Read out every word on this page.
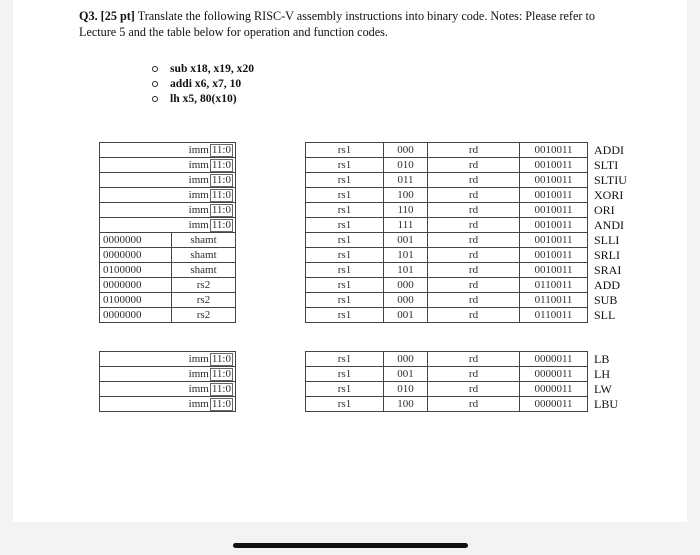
Q3. [25 pt] Translate the following RISC-V assembly instructions into binary code. Notes: Please refer to Lecture 5 and the table below for operation and function codes.
sub x18, x19, x20
addi x6, x7, 10
lh x5, 80(x10)
imm 11:0			rs1	000	rd	0010011	ADDI
imm 11:0			rs1	010	rd	0010011	SLTI
imm 11:0			rs1	011	rd	0010011	SLTIU
imm 11:0			rs1	100	rd	0010011	XORI
imm 11:0			rs1	110	rd	0010011	ORI
imm 11:0			rs1	111	rd	0010011	ANDI
0000000	shamt		rs1	001	rd	0010011	SLLI
0000000	shamt		rs1	101	rd	0010011	SRLI
0100000	shamt		rs1	101	rd	0010011	SRAI
0000000	rs2		rs1	000	rd	0110011	ADD
0100000	rs2		rs1	000	rd	0110011	SUB
0000000	rs2		rs1	001	rd	0110011	SLL
imm 11:0		rs1	000	rd	0000011	LB
imm 11:0		rs1	001	rd	0000011	LH
imm 11:0		rs1	010	rd	0000011	LW
imm 11:0		rs1	100	rd	0000011	LBU
